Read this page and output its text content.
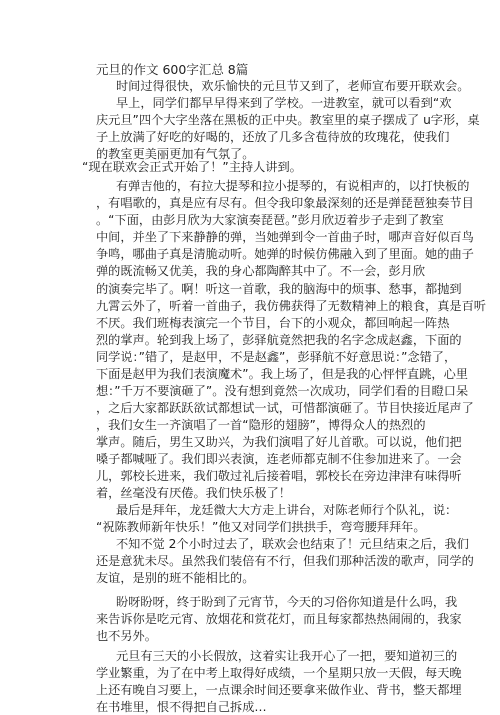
元旦的作文 600字汇总 8篇
时间过得很快，欢乐愉快的元旦节又到了，老师宣布要开联欢会。
早上，同学们都早早得来到了学校。一进教室，就可以看到“欢
庆元旦”四个大字坐落在黑板的正中央。教室里的桌子摆成了 u字形，桌
子上放满了好吃的好喝的，还放了几多含苞待放的玫瑰花，使我们
的教室更美丽更加有气氛了。
“现在联欢会正式开始了！”主持人讲到。
有弹吉他的，有拉大提琴和拉小提琴的，有说相声的，以打快板的
，有唱歌的，真是应有尽有。但令我印象最深刻的还是弹琵琶独奏节目
。“下面，由彭月欣为大家演奏琵琶。”彭月欣迈着步子走到了教室
中间，并坐了下来静静的弹，当她弹到令一首曲子时，哪声音好似百鸟
争鸣，哪曲子真是清脆动听。她弹的时候仿佛融入到了里面。她的曲子
弹的既流畅又优美，我的身心都陶醉其中了。不一会，彭月欣
的演奏完毕了。啊！听这一首歌，我的脑海中的烦事、愁事，都抛到
九霄云外了，听着一首曲子，我仿佛获得了无数精神上的粮食，真是百听
不厌。我们班梅表演完一个节目，台下的小观众，都回响起一阵热
烈的掌声。轮到我上场了，彭驿航竟然把我的名字念成赵鑫，下面的
同学说：”错了，是赵甲，不是赵鑫”，彭驿航不好意思说：”念错了，
下面是赵甲为我们表演魔术”。我上场了，但是我的心怦怦直跳，心里
想：”千万不要演砸了”。没有想到竟然一次成功，同学们看的目瞪口呆
，之后大家都跃跃欲试都想试一试，可惜都演砸了。节目快接近尾声了
，我们女生一齐演唱了一首“隐形的翅膀”，博得众人的热烈的
掌声。随后，男生又助兴，为我们演唱了好儿首歌。可以说，他们把
嗓子都喊哑了。我们即兴表演，连老师都克制不住参加进来了。一会
儿，郭校长进来，我们敬过礼后接着唱，郭校长在旁边津津有味得听
着，丝毫没有厌倦。我们快乐极了！
最后是拜年，龙廷微大大方走上讲台，对陈老师行个队礼，说：
“祝陈教师新年快乐！”他又对同学们拱拱手，弯弯腰拜拜年。
不知不觉 2个小时过去了，联欢会也结束了！元旦结束之后，我们
还是意犹未尽。虽然我们装倍有不行，但我们那种活泼的歌声，同学的
友谊，是别的班不能相比的。
盼呀盼呀，终于盼到了元宵节，今天的习俗你知道是什么吗，我
来告诉你是吃元宵、放烟花和赏花灯，而且每家都热热闹闹的，我家
也不另外。
元旦有三天的小长假放，这着实让我开心了一把，要知道初三的
学业繁重，为了在中考上取得好成绩，一个星期只放一天假，每天晚
上还有晚自习要上，一点课余时间还要拿来做作业、背书，整天都埋
在书堆里，恨不得把自己拆成…
